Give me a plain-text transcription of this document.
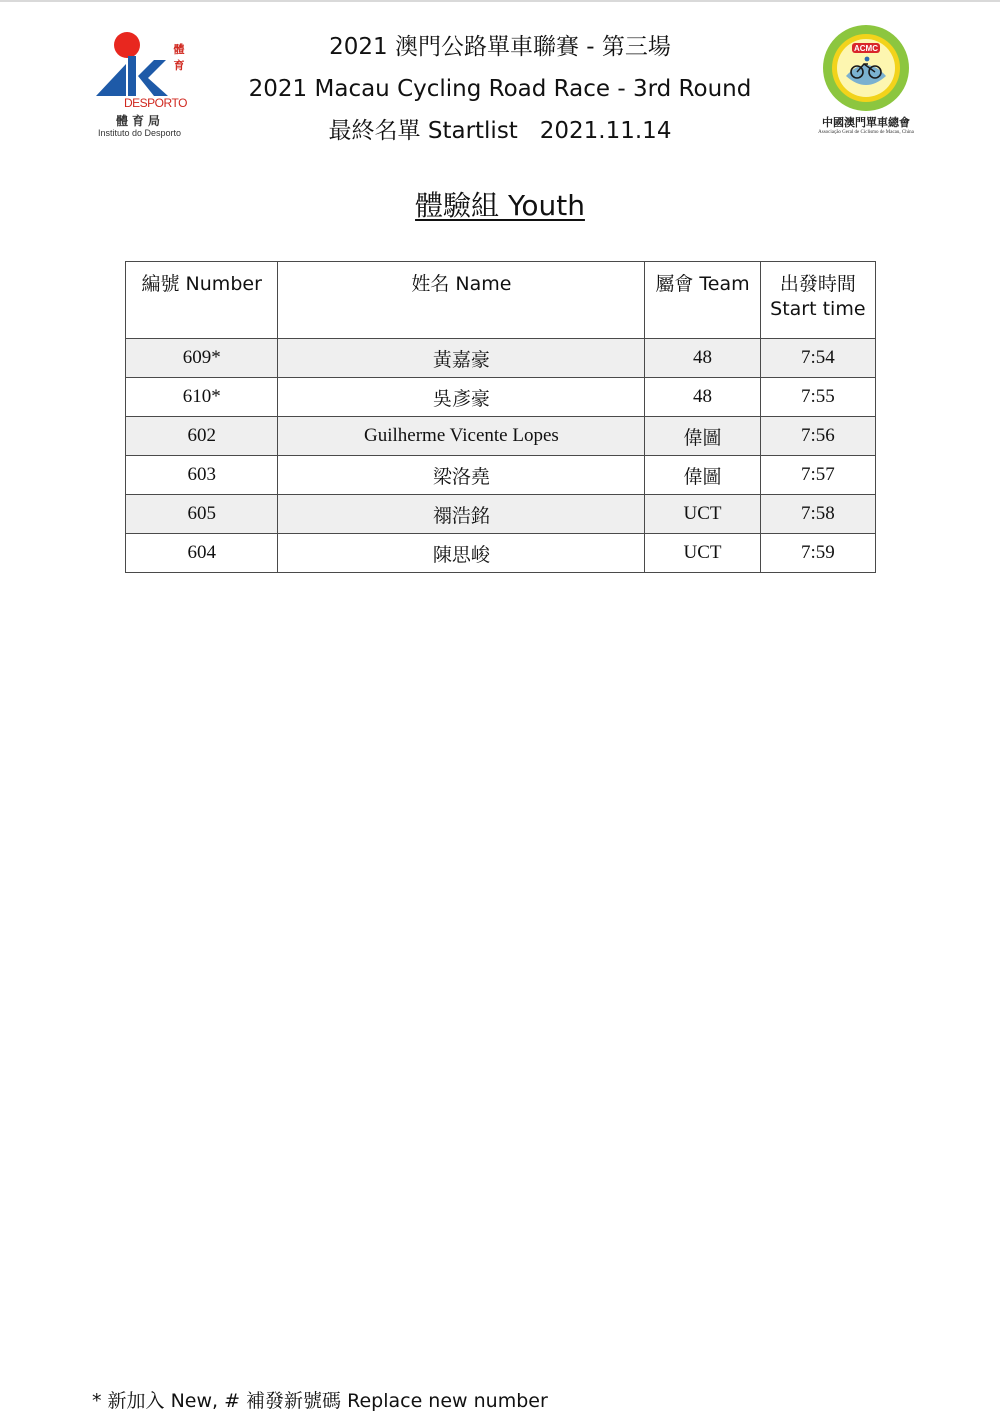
體
育
DESPORTO
體育局
Instituto do Desporto
2021 澳門公路單車聯賽 - 第三場
2021 Macau Cycling Road Race - 3rd Round
最終名單 Startlist   2021.11.14
ACMC
中國澳門單車總會
Associação Geral de Ciclismo de Macau, China
體驗組 Youth
編號 Number	姓名 Name	屬會 Team	出發時間
Start time

609*	黃嘉豪	48	7:54
610*	吳彥豪	48	7:55
602	Guilherme Vicente Lopes	偉圖	7:56
603	梁洛堯	偉圖	7:57
605	禤浩銘	UCT	7:58
604	陳思峻	UCT	7:59
* 新加入 New, # 補發新號碼 Replace new number
